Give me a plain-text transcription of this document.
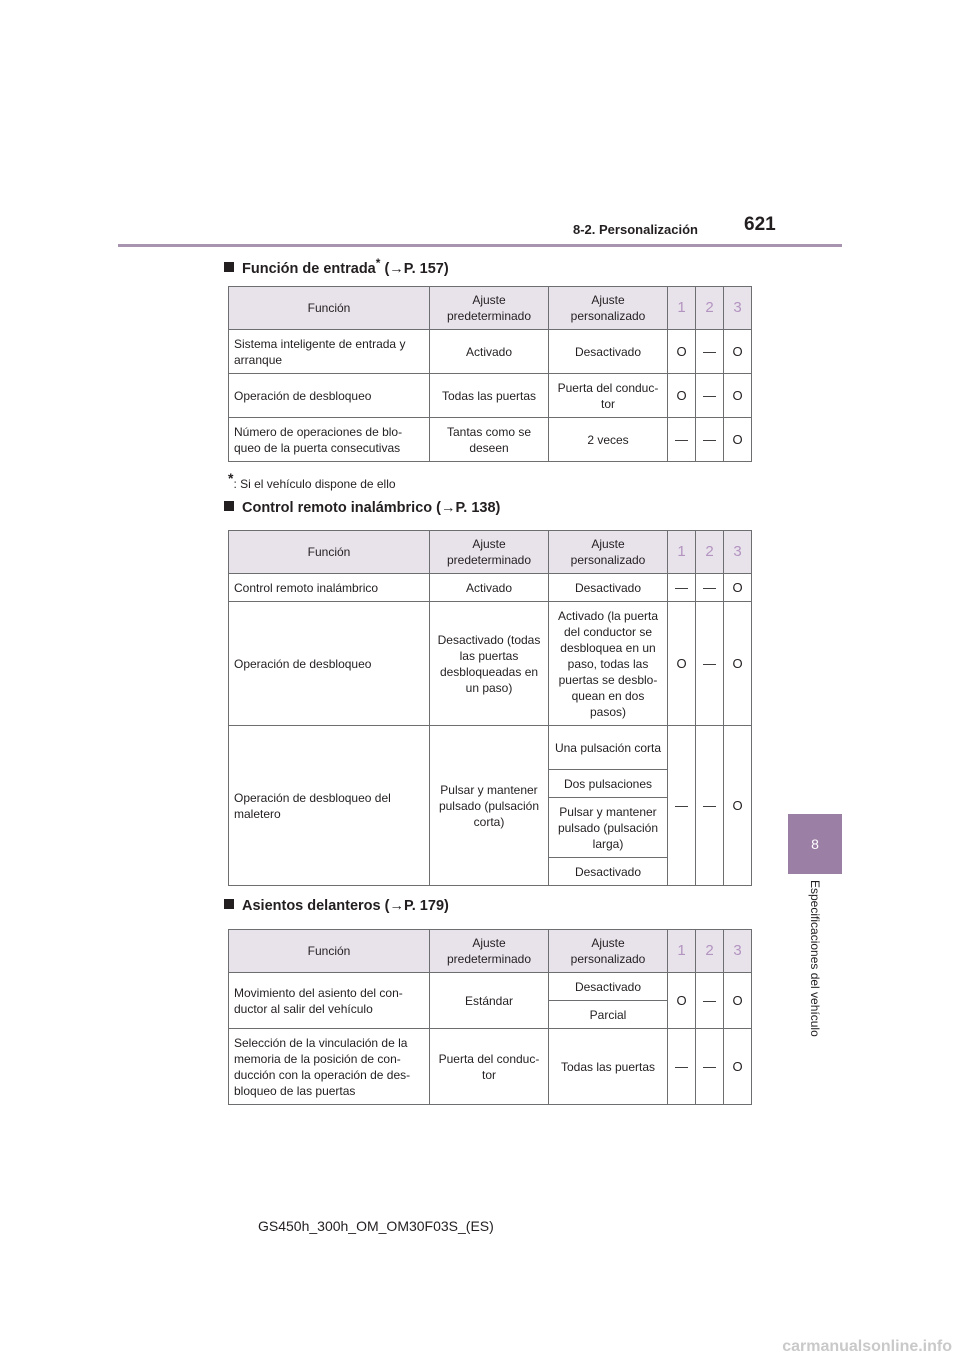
8-2. Personalización 621
8
Especificaciones del vehículo
Función de entrada* (→P. 157)
Función	Ajuste predeterminado	Ajuste personalizado	1	2	3
Sistema inteligente de entrada y arranque	Activado	Desactivado	O	—	O
Operación de desbloqueo	Todas las puertas	Puerta del conduc-tor	O	—	O
Número de operaciones de blo-queo de la puerta consecutivas	Tantas como se deseen	2 veces	—	—	O
*: Si el vehículo dispone de ello
Control remoto inalámbrico (→P. 138)
Función	Ajuste predeterminado	Ajuste personalizado	1	2	3
Control remoto inalámbrico	Activado	Desactivado	—	—	O
Operación de desbloqueo	Desactivado (todas las puertas desbloqueadas en un paso)	Activado (la puerta del conductor se desbloquea en un paso, todas las puertas se desblo-quean en dos pasos)	O	—	O
Operación de desbloqueo del maletero	Pulsar y mantener pulsado (pulsación corta)	Una pulsación corta	—	—	O
		Dos pulsaciones			
		Pulsar y mantener pulsado (pulsación larga)			
		Desactivado			
Asientos delanteros (→P. 179)
Función	Ajuste predeterminado	Ajuste personalizado	1	2	3
Movimiento del asiento del con-ductor al salir del vehículo	Estándar	Desactivado	O	—	O
		Parcial			
Selección de la vinculación de la memoria de la posición de con-ducción con la operación de des-bloqueo de las puertas	Puerta del conduc-tor	Todas las puertas	—	—	O
GS450h_300h_OM_OM30F03S_(ES)
carmanualsonline.info
